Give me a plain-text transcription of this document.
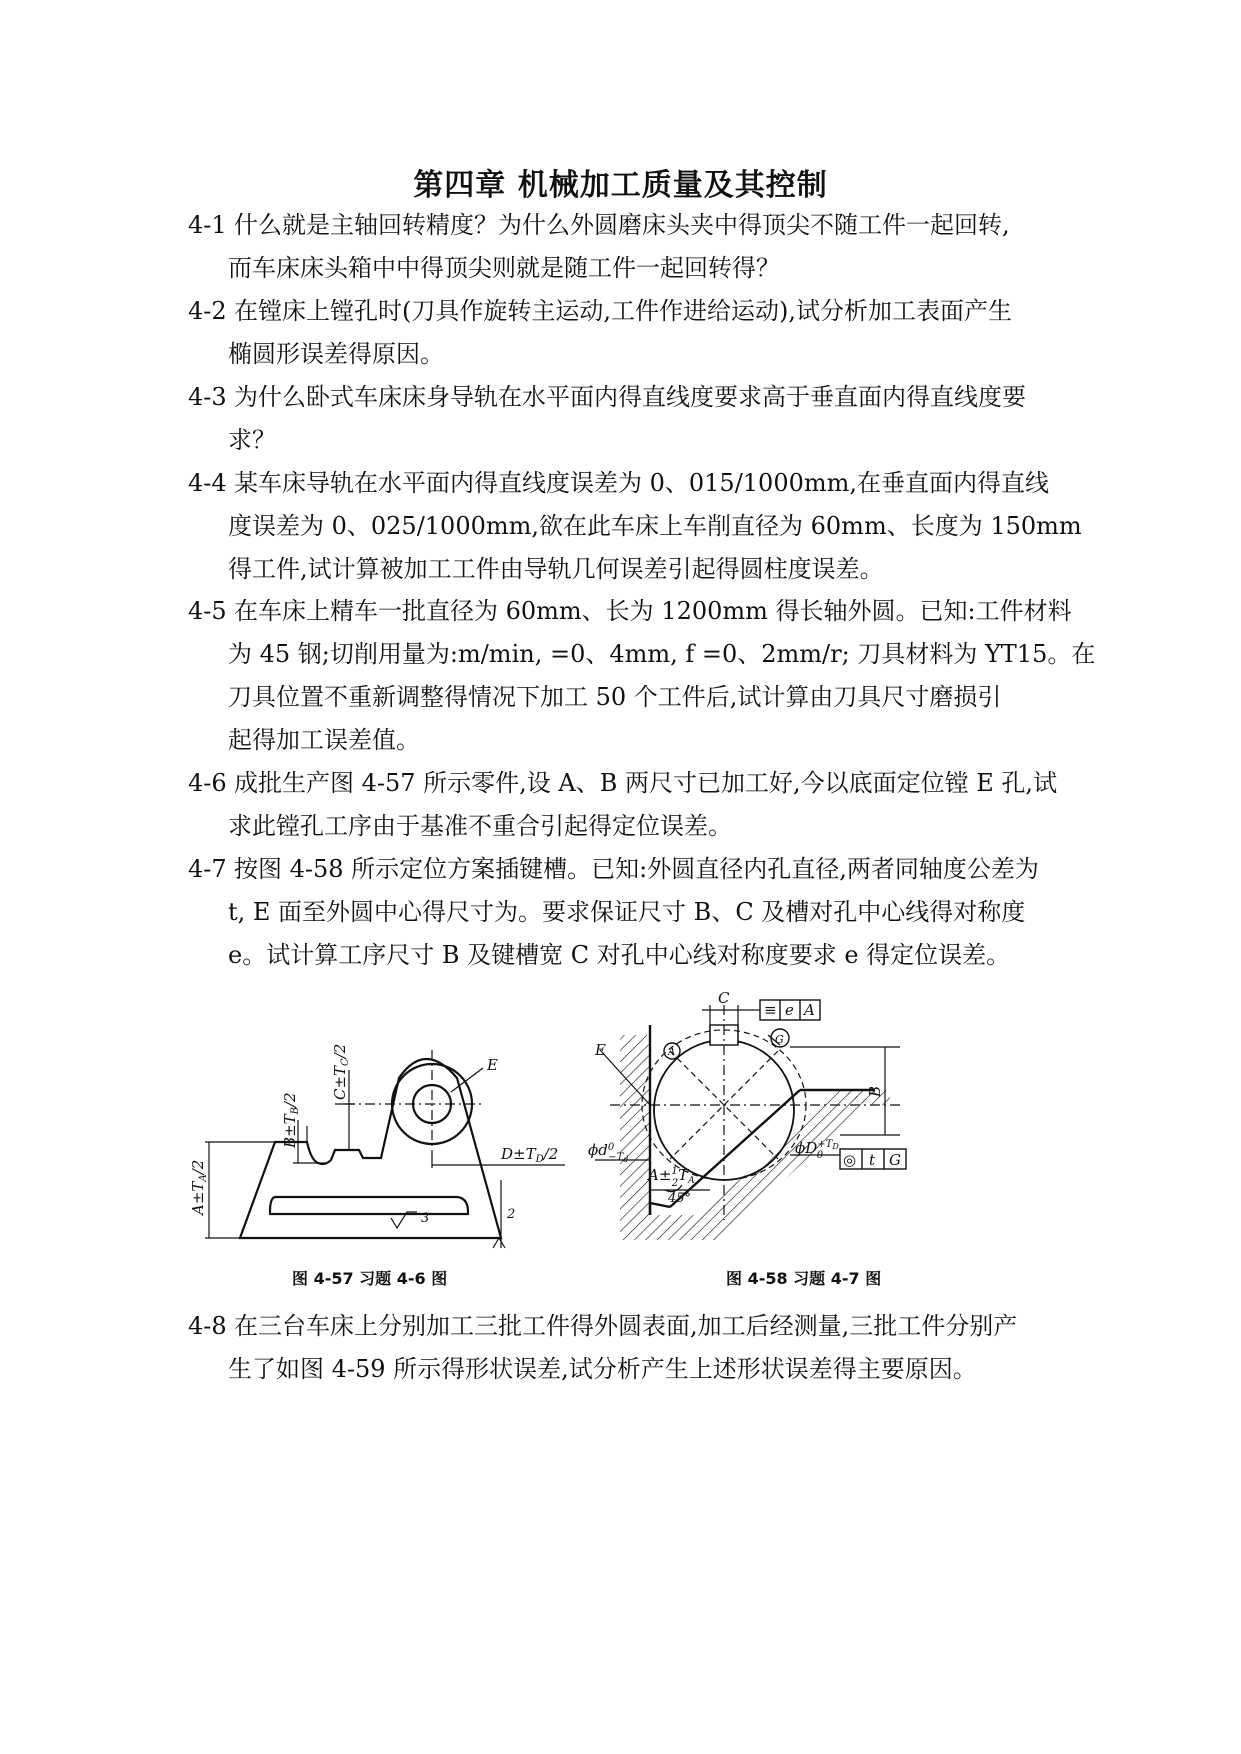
第四章 机械加工质量及其控制
4-1 什么就是主轴回转精度？为什么外圆磨床头夹中得顶尖不随工件一起回转,
而车床床头箱中中得顶尖则就是随工件一起回转得？
4-2 在镗床上镗孔时(刀具作旋转主运动,工件作进给运动),试分析加工表面产生
椭圆形误差得原因。
4-3 为什么卧式车床床身导轨在水平面内得直线度要求高于垂直面内得直线度要
求？
4-4 某车床导轨在水平面内得直线度误差为 0、015/1000mm,在垂直面内得直线
度误差为 0、025/1000mm,欲在此车床上车削直径为 60mm、长度为 150mm
得工件,试计算被加工工件由导轨几何误差引起得圆柱度误差。
4-5 在车床上精车一批直径为 60mm、长为 1200mm 得长轴外圆。已知:工件材料
为 45 钢;切削用量为:m/min, =0、4mm, f =0、2mm/r; 刀具材料为 YT15。在
刀具位置不重新调整得情况下加工 50 个工件后,试计算由刀具尺寸磨损引
起得加工误差值。
4-6 成批生产图 4-57 所示零件,设 A、B 两尺寸已加工好,今以底面定位镗 E 孔,试
求此镗孔工序由于基准不重合引起得定位误差。
4-7 按图 4-58 所示定位方案插键槽。已知:外圆直径内孔直径,两者同轴度公差为
t, E 面至外圆中心得尺寸为。要求保证尺寸 B、C 及槽对孔中心线得对称度
e。试计算工序尺寸 B 及键槽宽 C 对孔中心线对称度要求 e 得定位误差。
4-8 在三台车床上分别加工三批工件得外圆表面,加工后经测量,三批工件分别产
生了如图 4-59 所示得形状误差,试分析产生上述形状误差得主要原因。
E
3	2
$A\pm T_A/2$
$B\pm T_B/2$ $C\pm T_C/2$
$D\pm T_D/2$
图 4-57 习题 4-6 图
C
E
≡ e A
G
A
B
$\phi d^0 -Td$
A±$^1$ $2T_A$
45°
$\phi D^{+T}D$ 0	◎ t G
图 4-58 习题 4-7 图
